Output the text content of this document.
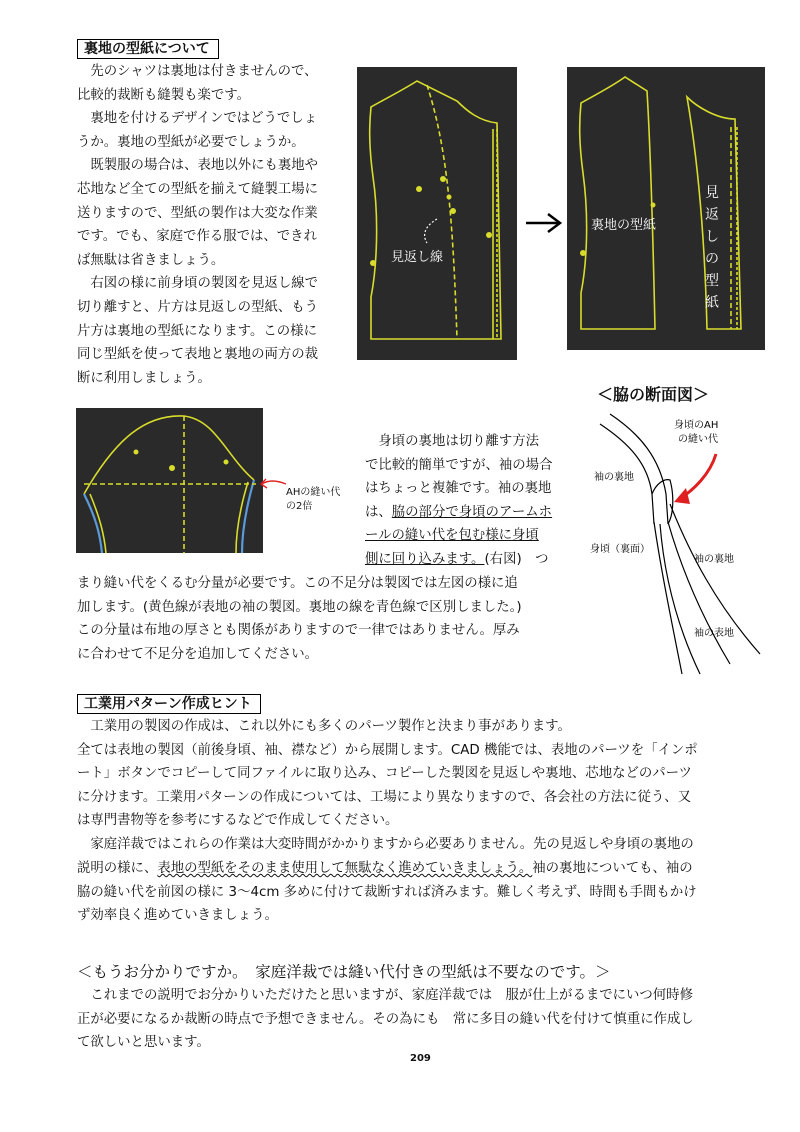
裏地の型紙について
　先のシャツは裏地は付きませんので、
比較的裁断も縫製も楽です。
　裏地を付けるデザインではどうでしょ
うか。裏地の型紙が必要でしょうか。
　既製服の場合は、表地以外にも裏地や
芯地など全ての型紙を揃えて縫製工場に
送りますので、型紙の製作は大変な作業
です。でも、家庭で作る服では、できれ
ば無駄は省きましょう。
　右図の様に前身頃の製図を見返し線で
切り離すと、片方は見返しの型紙、もう
片方は裏地の型紙になります。この様に
同じ型紙を使って表地と裏地の両方の裁
断に利用しましょう。
見返し線
裏地の型紙
見
返
し
の
型
紙
AHの縫い代
の2倍
　身頃の裏地は切り離す方法
で比較的簡単ですが、袖の場合
はちょっと複雑です。袖の裏地
は、脇の部分で身頃のアームホ
ールの縫い代を包む様に身頃
側に回り込みます。(右図)　つ
まり縫い代をくるむ分量が必要です。この不足分は製図では左図の様に追
加します。(黄色線が表地の袖の製図。裏地の線を青色線で区別しました。)
この分量は布地の厚さとも関係がありますので一律ではありません。厚み
に合わせて不足分を追加してください。
＜脇の断面図＞
身頃のAH
の縫い代
袖の裏地
身頃（裏面）
袖の裏地
袖の表地
工業用パターン作成ヒント
　工業用の製図の作成は、これ以外にも多くのパーツ製作と決まり事があります。
全ては表地の製図（前後身頃、袖、襟など）から展開します。CAD 機能では、表地のパーツを「インポ
ート」ボタンでコピーして同ファイルに取り込み、コピーした製図を見返しや裏地、芯地などのパーツ
に分けます。工業用パターンの作成については、工場により異なりますので、各会社の方法に従う、又
は専門書物等を参考にするなどで作成してください。
　家庭洋裁ではこれらの作業は大変時間がかかりますから必要ありません。先の見返しや身頃の裏地の
説明の様に、表地の型紙をそのまま使用して無駄なく進めていきましょう。袖の裏地についても、袖の
脇の縫い代を前図の様に 3～4cm 多めに付けて裁断すれば済みます。難しく考えず、時間も手間もかけ
ず効率良く進めていきましょう。
＜もうお分かりですか。　家庭洋裁では縫い代付きの型紙は不要なのです。＞
　これまでの説明でお分かりいただけたと思いますが、家庭洋裁では　服が仕上がるまでにいつ何時修
正が必要になるか裁断の時点で予想できません。その為にも　常に多目の縫い代を付けて慎重に作成し
て欲しいと思います。
209
